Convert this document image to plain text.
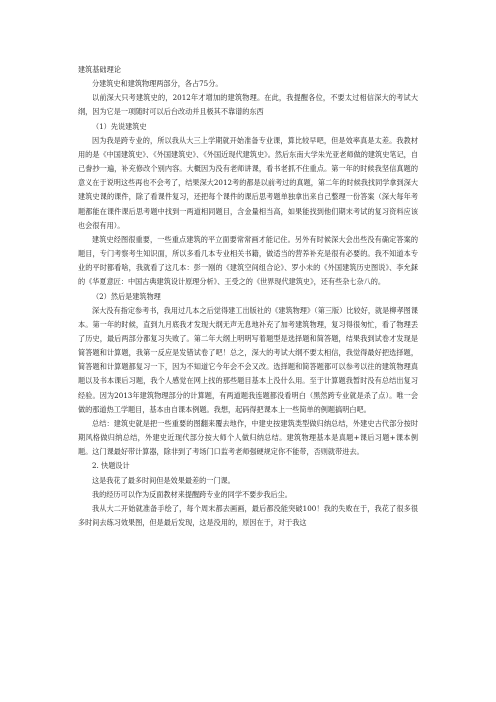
建筑基础理论

分建筑史和建筑物理两部分，各占75分。

以前深大只考建筑史的，2012年才增加的建筑物理。在此，我提醒各位，不要太过相信深大的考试大纲，因为它是一项随时可以后台改动并且极其不靠谱的东西

（1）先说建筑史

因为我是跨专业的，所以我从大三上学期就开始准备专业课，算比较早吧，但是效率真是太差。我教材用的是《中国建筑史》、《外国建筑史》、《外国近现代建筑史》。然后东南大学朱光亚老师做的建筑史笔记，自己誊抄一遍，补充修改个别内容。大概因为没有老师讲课，看书老抓不住重点。第一年的时候我坚信真题的意义在于说明这些再也不会考了，结果深大2012考的都是以前考过的真题，第二年的时候我找同学拿到深大建筑史课的课件，除了看课件复习，还把每个课件的课后思考题单独拿出来自己整理一份答案（深大每年考题都能在课件课后思考题中找到一两道相同题目，含金量相当高，如果能找到他们期末考试的复习资料应该也会很有用）。

建筑史经图很重要，一些重点建筑的平立面要常常画才能记住。另外有时候深大会出些没有确定答案的题目，专门考察考生知识面，所以多看几本专业相关书籍，做适当的营养补充是很有必要的。我不知道本专业的平时都看啥，我就看了这几本：彭一刚的《建筑空间组合论》、罗小未的《外国建筑历史图说》、李允鉌的《华夏意匠：中国古典建筑设计原理分析》、王受之的《世界现代建筑史》，还有些杂七杂八的。

（2）然后是建筑物理

深大没有指定参考书，我用过几本之后觉得建工出版社的《建筑物理》（第三版）比较好，就是柳孝图课本。第一年的时候，直到九月底我才发现大纲无声无息地补充了加考建筑物理，复习得很匆忙，看了物理丢了历史，最后两部分都复习失败了。第二年大纲上明明写着题型是选择题和简答题，结果我到试卷才发现是简答题和计算题，我第一反应是发错试卷了吧！总之，深大的考试大纲不要太相信，我觉得最好把选择题，简答题和计算题都复习一下，因为不知道它今年会不会又改。选择题和简答题都可以参考以往的建筑物理真题以及书本课后习题，我个人感觉在网上找的那些题目基本上没什么用。至于计算题我暂时没有总结出复习经验。因为2013年建筑物理部分的计算题，有两道题我连题都没看明白（黑然跨专业就是杀了点）。唯一会做的那道热工学题目，基本由自课本例题。我想，起码得把课本上一些简单的例题搞明白吧。

总结：建筑史就是把一些重要的图翻来覆去地作，中建史按建筑类型做归纳总结，外建史古代部分按时期风格做归纳总结，外建史近现代部分按大师个人做归纳总结。建筑物理基本是真题+课后习题+课本例题。这门课最好带计算器，除非到了考场门口监考老师强硬规定你不能带，否则就带进去。

2. 快题设计

这是我花了最多时间但是效果最差的一门课。

我的经历可以作为反面教材来提醒跨专业的同学不要步我后尘。

我从大二开始就准备手绘了，每个周末都去画画，最后都没能突破100！我的失败在于，我花了很多很多时间去练习效果图，但是最后发现，这是没用的，原因在于，对于我这
